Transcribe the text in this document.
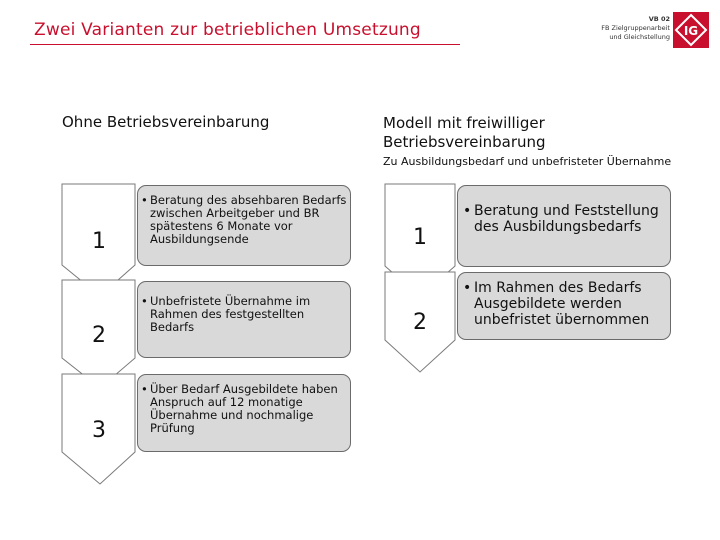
Zwei Varianten zur betrieblichen Umsetzung
VB 02
FB Zielgruppenarbeit
und Gleichstellung IG
Ohne Betriebsvereinbarung	Modell mit freiwilliger Betriebsvereinbarung
Zu Ausbildungsbedarf und unbefristeter Übernahme
1
2
3
• Beratung des absehbaren Bedarfs zwischen Arbeitgeber und BR spätestens 6 Monate vor Ausbildungsende
• Unbefristete Übernahme im Rahmen des festgestellten Bedarfs
• Über Bedarf Ausgebildete haben Anspruch auf 12 monatige Übernahme und nochmalige Prüfung
1
2
• Beratung und Feststellung des Ausbildungsbedarfs
• Im Rahmen des Bedarfs Ausgebildete werden unbefristet übernommen
